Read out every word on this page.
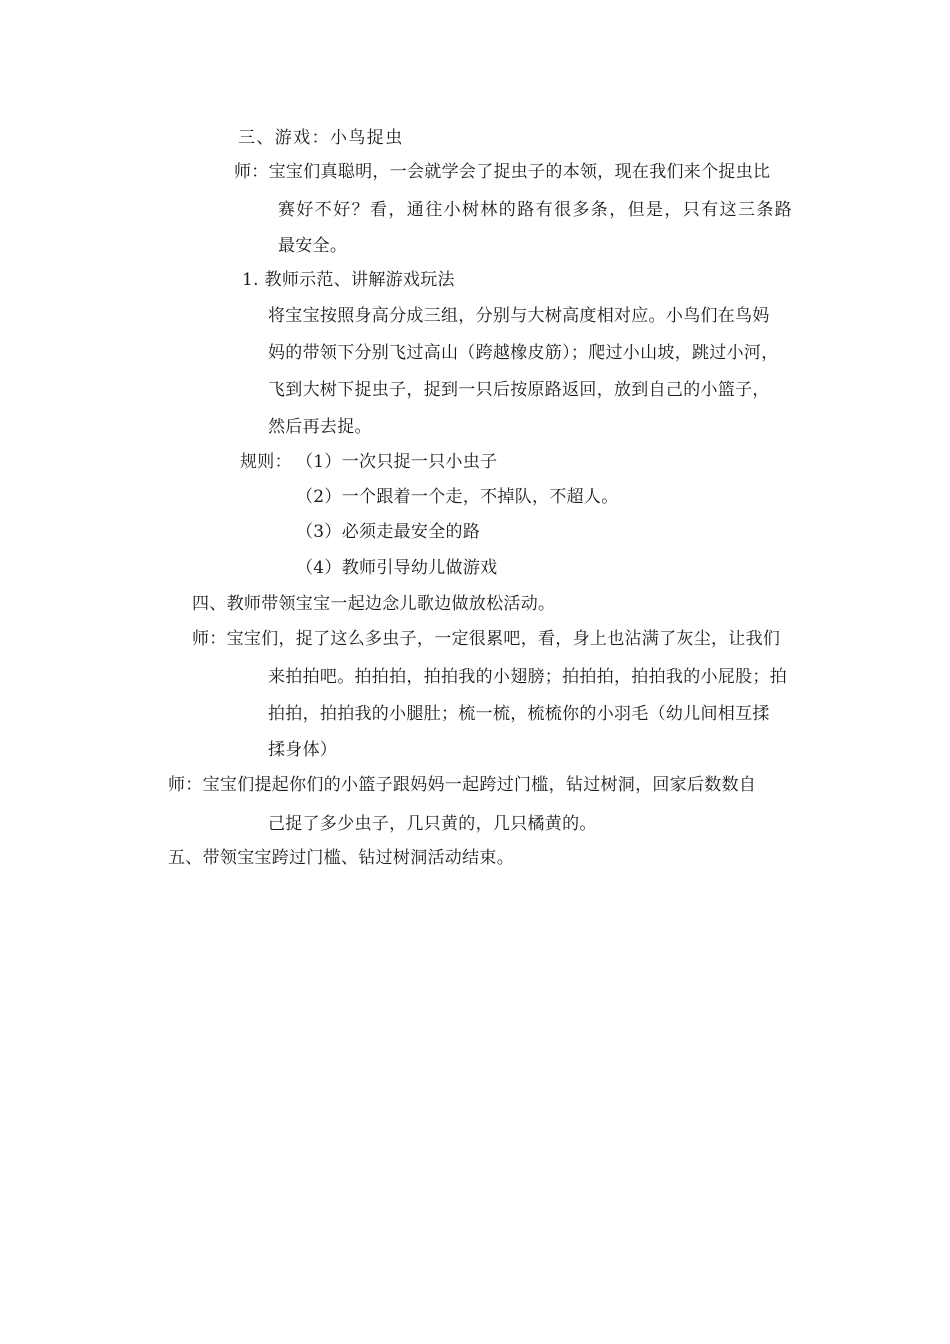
三、游戏：小鸟捉虫
师：宝宝们真聪明，一会就学会了捉虫子的本领，现在我们来个捉虫比
赛好不好？看，通往小树林的路有很多条，但是，只有这三条路
最安全。
1. 教师示范、讲解游戏玩法
将宝宝按照身高分成三组，分别与大树高度相对应。小鸟们在鸟妈
妈的带领下分别飞过高山（跨越橡皮筋）；爬过小山坡，跳过小河，
飞到大树下捉虫子，捉到一只后按原路返回，放到自己的小篮子，
然后再去捉。
规则： （1）一次只捉一只小虫子
（2）一个跟着一个走，不掉队，不超人。
（3）必须走最安全的路
（4）教师引导幼儿做游戏
四、教师带领宝宝一起边念儿歌边做放松活动。
师：宝宝们，捉了这么多虫子，一定很累吧，看，身上也沾满了灰尘，让我们
来拍拍吧。拍拍拍，拍拍我的小翅膀；拍拍拍，拍拍我的小屁股；拍
拍拍，拍拍我的小腿肚；梳一梳，梳梳你的小羽毛（幼儿间相互揉
揉身体）
师：宝宝们提起你们的小篮子跟妈妈一起跨过门槛，钻过树洞，回家后数数自
己捉了多少虫子，几只黄的，几只橘黄的。
五、带领宝宝跨过门槛、钻过树洞活动结束。
